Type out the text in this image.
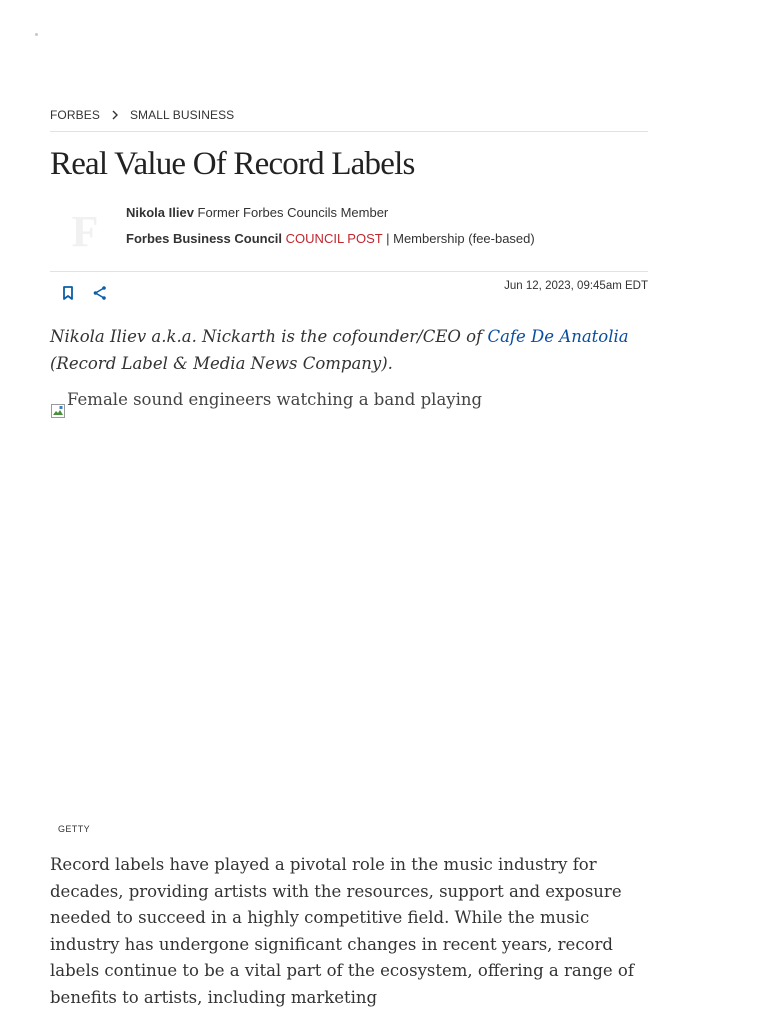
FORBES	SMALL BUSINESS
Real Value Of Record Labels
F	Nikola Iliev Former Forbes Councils Member
Forbes Business Council COUNCIL POST | Membership (fee-based)
Jun 12, 2023, 09:45am EDT

Nikola Iliev a.k.a. Nickarth is the cofounder/CEO of Cafe De Anatolia (Record Label & Media News Company).

Female sound engineers watching a band playing
GETTY

Record labels have played a pivotal role in the music industry for decades, providing artists with the resources, support and exposure needed to succeed in a highly competitive field. While the music industry has undergone significant changes in recent years, record labels continue to be a vital part of the ecosystem, offering a range of benefits to artists, including marketing
